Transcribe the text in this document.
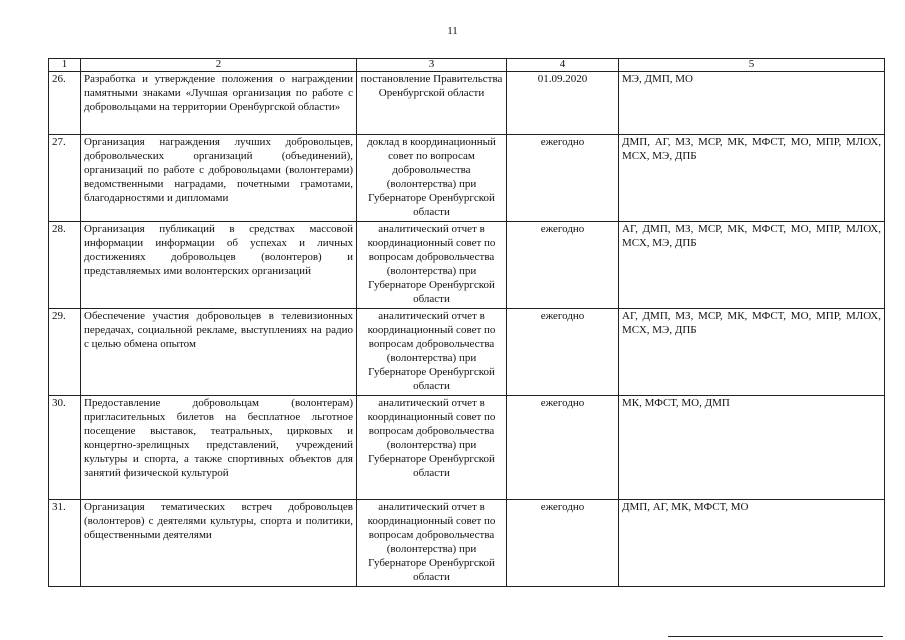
11
1	2	3	4	5
26.	Разработка и утверждение положения о награждении памятными знаками «Лучшая организация по работе с добровольцами на территории Оренбургской области»	постановление Правительства Оренбургской области	01.09.2020	МЭ, ДМП, МО
27.	Организация награждения лучших добровольцев, добровольческих организаций (объединений), организаций по работе с добровольцами (волонтерами) ведомственными наградами, почетными грамотами, благодарностями и дипломами	доклад в координационный совет по вопросам добровольчества (волонтерства) при Губернаторе Оренбургской области	ежегодно	ДМП, АГ, МЗ, МСР, МК, МФСТ, МО, МПР, МЛОХ, МСХ, МЭ, ДПБ
28.	Организация публикаций в средствах массовой информации информации об успехах и личных достижениях добровольцев (волонтеров) и представляемых ими волонтерских организаций	аналитический отчет в координационный совет по вопросам добровольчества (волонтерства) при Губернаторе Оренбургской области	ежегодно	АГ, ДМП, МЗ, МСР, МК, МФСТ, МО, МПР, МЛОХ, МСХ, МЭ, ДПБ
29.	Обеспечение участия добровольцев в телевизионных передачах, социальной рекламе, выступлениях на радио с целью обмена опытом	аналитический отчет в координационный совет по вопросам добровольчества (волонтерства) при Губернаторе Оренбургской области	ежегодно	АГ, ДМП, МЗ, МСР, МК, МФСТ, МО, МПР, МЛОХ, МСХ, МЭ, ДПБ
30.	Предоставление добровольцам (волонтерам) пригласительных билетов на бесплатное льготное посещение выставок, театральных, цирковых и концертно-зрелищных представлений, учреждений культуры и спорта, а также спортивных объектов для занятий физической культурой	аналитический отчет в координационный совет по вопросам добровольчества (волонтерства) при Губернаторе Оренбургской области	ежегодно	МК, МФСТ, МО, ДМП
31.	Организация тематических встреч добровольцев (волонтеров) с деятелями культуры, спорта и политики, общественными деятелями	аналитический отчет в координационный совет по вопросам добровольчества (волонтерства) при Губернаторе Оренбургской области	ежегодно	ДМП, АГ, МК, МФСТ, МО
